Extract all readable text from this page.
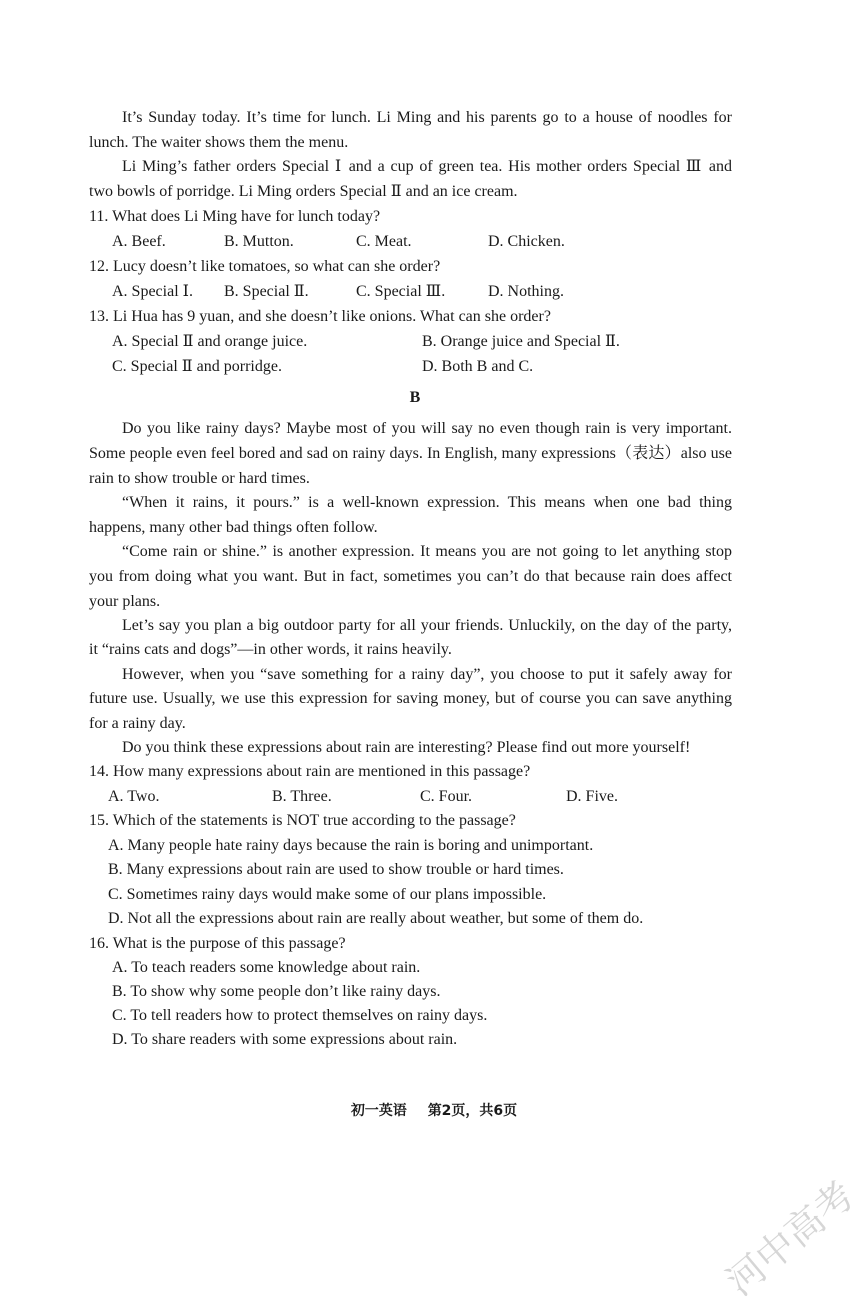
It’s Sunday today. It’s time for lunch. Li Ming and his parents go to a house of noodles for
lunch. The waiter shows them the menu.
Li Ming’s father orders Special Ⅰ and a cup of green tea. His mother orders Special Ⅲ and
two bowls of porridge. Li Ming orders Special Ⅱ and an ice cream.
11. What does Li Ming have for lunch today?
A. Beef.	B. Mutton.	C. Meat.	D. Chicken.
12. Lucy doesn’t like tomatoes, so what can she order?
A. Special Ⅰ. B. Special Ⅱ.	C. Special Ⅲ.	D. Nothing.
13. Li Hua has 9 yuan, and she doesn’t like onions. What can she order?
A. Special Ⅱ and orange juice.	B. Orange juice and Special Ⅱ.
C. Special Ⅱ and porridge.	D. Both B and C.
B
Do you like rainy days? Maybe most of you will say no even though rain is very important.
Some people even feel bored and sad on rainy days. In English, many expressions（表达）also use
rain to show trouble or hard times.
“When it rains, it pours.” is a well-known expression. This means when one bad thing
happens, many other bad things often follow.
“Come rain or shine.” is another expression. It means you are not going to let anything stop
you from doing what you want. But in fact, sometimes you can’t do that because rain does affect
your plans.
Let’s say you plan a big outdoor party for all your friends. Unluckily, on the day of the party,
it “rains cats and dogs”—in other words, it rains heavily.
However, when you “save something for a rainy day”, you choose to put it safely away for
future use. Usually, we use this expression for saving money, but of course you can save anything
for a rainy day.
Do you think these expressions about rain are interesting? Please find out more yourself!
14. How many expressions about rain are mentioned in this passage?
A. Two.	B. Three.	C. Four.	D. Five.
15. Which of the statements is NOT true according to the passage?
A. Many people hate rainy days because the rain is boring and unimportant.
B. Many expressions about rain are used to show trouble or hard times.
C. Sometimes rainy days would make some of our plans impossible.
D. Not all the expressions about rain are really about weather, but some of them do.
16. What is the purpose of this passage?
A. To teach readers some knowledge about rain.
B. To show why some people don’t like rainy days.
C. To tell readers how to protect themselves on rainy days.
D. To share readers with some expressions about rain.
初一英语 第2页，共6页
河中高考
